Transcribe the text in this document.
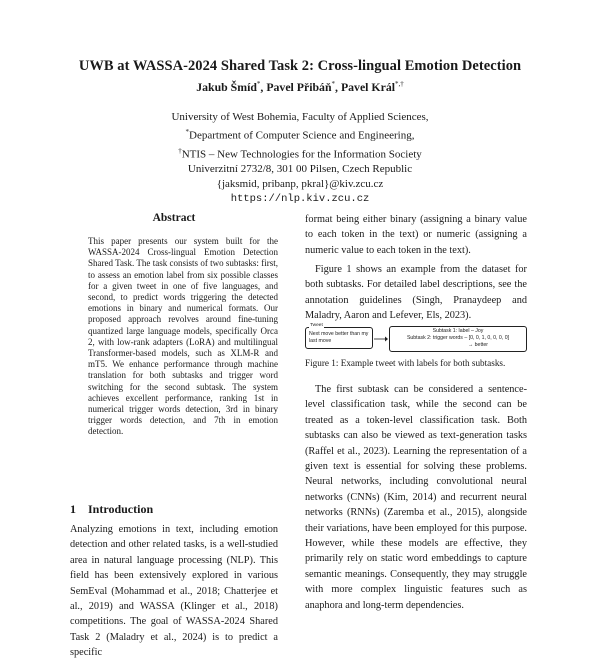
UWB at WASSA-2024 Shared Task 2: Cross-lingual Emotion Detection
Jakub Šmíd*, Pavel Přibáň*, Pavel Král*,†
University of West Bohemia, Faculty of Applied Sciences,
*Department of Computer Science and Engineering,
†NTIS – New Technologies for the Information Society
Univerzitní 2732/8, 301 00 Pilsen, Czech Republic
{jaksmid, pribanp, pkral}@kiv.zcu.cz
https://nlp.kiv.zcu.cz
Abstract
This paper presents our system built for the WASSA-2024 Cross-lingual Emotion Detection Shared Task. The task consists of two subtasks: first, to assess an emotion label from six possible classes for a given tweet in one of five languages, and second, to predict words triggering the detected emotions in binary and numerical formats. Our proposed approach revolves around fine-tuning quantized large language models, specifically Orca 2, with low-rank adapters (LoRA) and multilingual Transformer-based models, such as XLM-R and mT5. We enhance performance through machine translation for both subtasks and trigger word switching for the second subtask. The system achieves excellent performance, ranking 1st in numerical trigger words detection, 3rd in binary trigger words detection, and 7th in emotion detection.
1 Introduction
Analyzing emotions in text, including emotion detection and other related tasks, is a well-studied area in natural language processing (NLP). This field has been extensively explored in various SemEval (Mohammad et al., 2018; Chatterjee et al., 2019) and WASSA (Klinger et al., 2018) competitions. The goal of WASSA-2024 Shared Task 2 (Maladry et al., 2024) is to predict a specific

format being either binary (assigning a binary value to each token in the text) or numeric (assigning a numeric value to each token in the text).

Figure 1 shows an example from the dataset for both subtasks. For detailed label descriptions, see the annotation guidelines (Singh, Pranaydeep and Maladry, Aaron and Lefever, Els, 2023).

Next move better than my last move
Tweet
Subtask 1: label – Joy
Subtask 2: trigger words – [0, 0, 1, 0, 0, 0, 0]
→ better
Figure 1: Example tweet with labels for both subtasks.

The first subtask can be considered a sentence-level classification task, while the second can be treated as a token-level classification task. Both subtasks can also be viewed as text-generation tasks (Raffel et al., 2023). Learning the representation of a given text is essential for solving these problems. Neural networks, including convolutional neural networks (CNNs) (Kim, 2014) and recurrent neural networks (RNNs) (Zaremba et al., 2015), alongside their variations, have been employed for this purpose. However, while these models are effective, they primarily rely on static word embeddings to capture semantic meanings. Consequently, they may struggle with more complex linguistic features such as anaphora and long-term dependencies.
